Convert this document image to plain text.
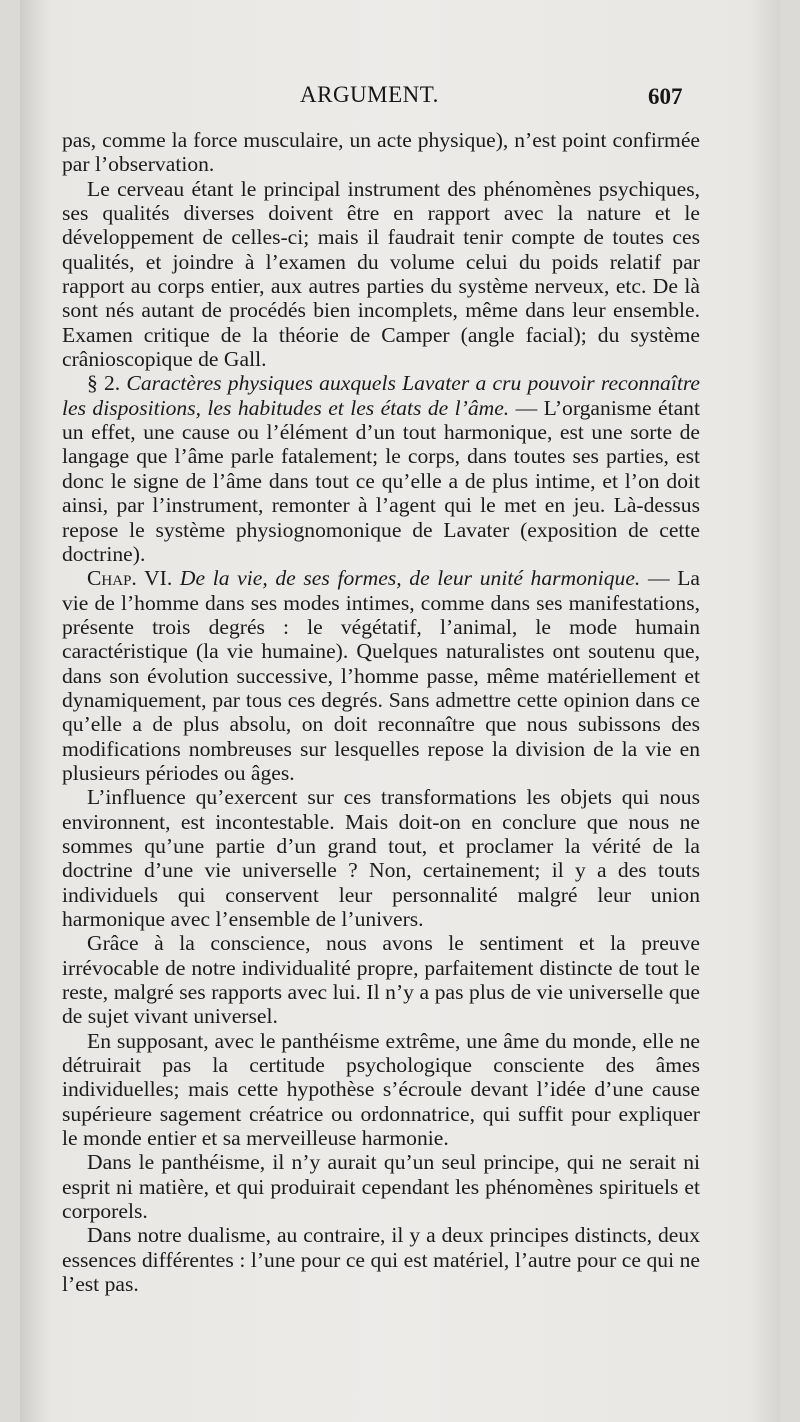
ARGUMENT.	607

pas, comme la force musculaire, un acte physique), n’est point confirmée par l’observation.

Le cerveau étant le principal instrument des phénomènes psychiques, ses qualités diverses doivent être en rapport avec la nature et le développement de celles-ci; mais il faudrait tenir compte de toutes ces qualités, et joindre à l’examen du volume celui du poids relatif par rapport au corps entier, aux autres parties du système nerveux, etc. De là sont nés autant de procédés bien incomplets, même dans leur ensemble. Examen critique de la théorie de Camper (angle facial); du système crânioscopique de Gall.

§ 2. Caractères physiques auxquels Lavater a cru pouvoir reconnaître les dispositions, les habitudes et les états de l’âme. — L’organisme étant un effet, une cause ou l’élément d’un tout harmonique, est une sorte de langage que l’âme parle fatalement; le corps, dans toutes ses parties, est donc le signe de l’âme dans tout ce qu’elle a de plus intime, et l’on doit ainsi, par l’instrument, remonter à l’agent qui le met en jeu. Là-dessus repose le système physiognomonique de Lavater (exposition de cette doctrine).

Chap. VI. De la vie, de ses formes, de leur unité harmonique. — La vie de l’homme dans ses modes intimes, comme dans ses manifestations, présente trois degrés : le végétatif, l’animal, le mode humain caractéristique (la vie humaine). Quelques naturalistes ont soutenu que, dans son évolution successive, l’homme passe, même matériellement et dynamiquement, par tous ces degrés. Sans admettre cette opinion dans ce qu’elle a de plus absolu, on doit reconnaître que nous subissons des modifications nombreuses sur lesquelles repose la division de la vie en plusieurs périodes ou âges.

L’influence qu’exercent sur ces transformations les objets qui nous environnent, est incontestable. Mais doit-on en conclure que nous ne sommes qu’une partie d’un grand tout, et proclamer la vérité de la doctrine d’une vie universelle ? Non, certainement; il y a des touts individuels qui conservent leur personnalité malgré leur union harmonique avec l’ensemble de l’univers.

Grâce à la conscience, nous avons le sentiment et la preuve irrévocable de notre individualité propre, parfaitement distincte de tout le reste, malgré ses rapports avec lui. Il n’y a pas plus de vie universelle que de sujet vivant universel.

En supposant, avec le panthéisme extrême, une âme du monde, elle ne détruirait pas la certitude psychologique consciente des âmes individuelles; mais cette hypothèse s’écroule devant l’idée d’une cause supérieure sagement créatrice ou ordonnatrice, qui suffit pour expliquer le monde entier et sa merveilleuse harmonie.

Dans le panthéisme, il n’y aurait qu’un seul principe, qui ne serait ni esprit ni matière, et qui produirait cependant les phénomènes spirituels et corporels.

Dans notre dualisme, au contraire, il y a deux principes distincts, deux essences différentes : l’une pour ce qui est matériel, l’autre pour ce qui ne l’est pas.
